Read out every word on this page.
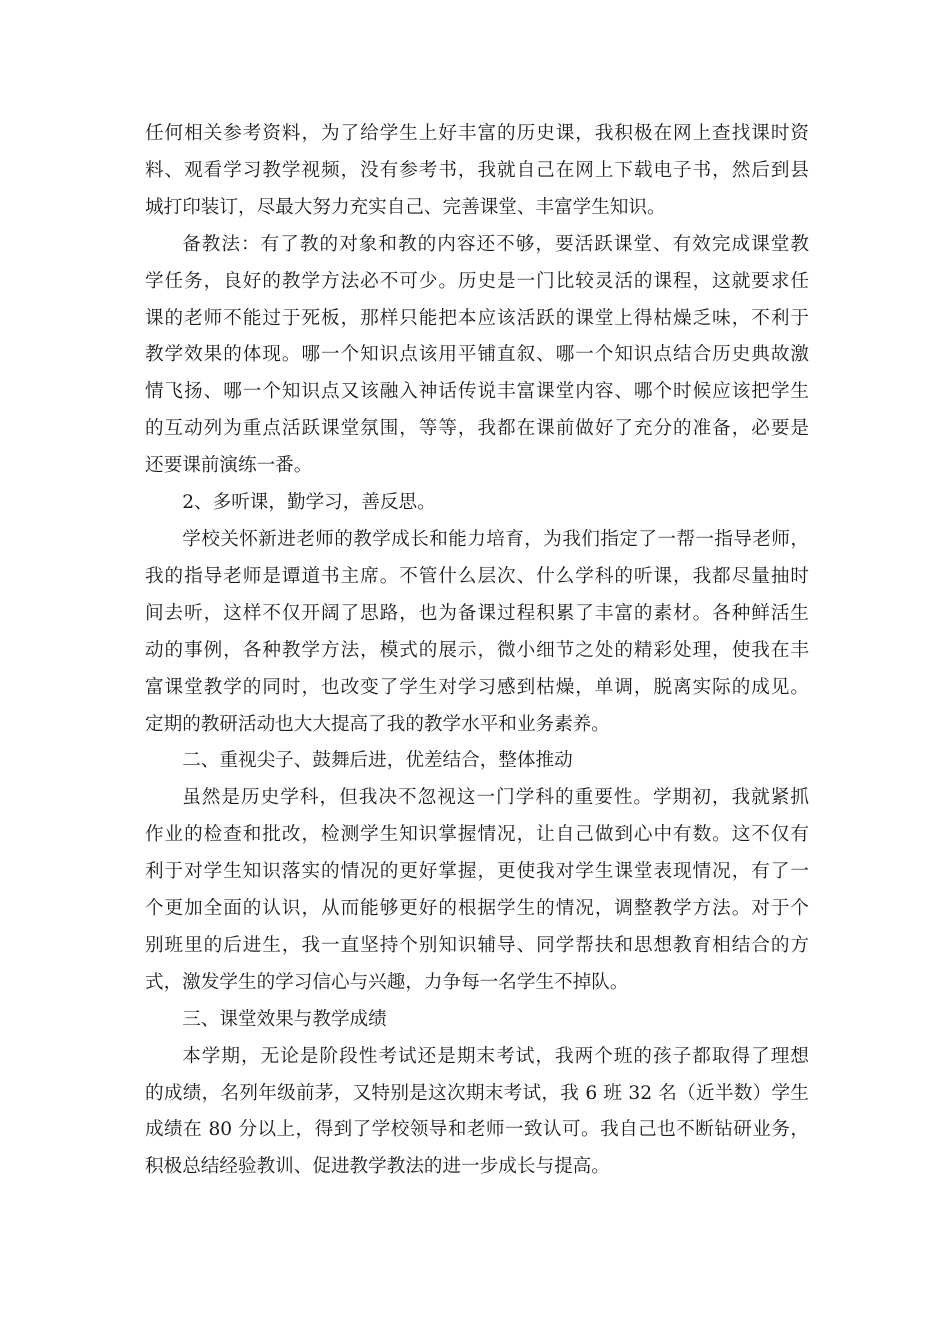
任何相关参考资料，为了给学生上好丰富的历史课，我积极在网上查找课时资
料、观看学习教学视频，没有参考书，我就自己在网上下载电子书，然后到县
城打印装订，尽最大努力充实自己、完善课堂、丰富学生知识。

备教法：有了教的对象和教的内容还不够，要活跃课堂、有效完成课堂教
学任务，良好的教学方法必不可少。历史是一门比较灵活的课程，这就要求任
课的老师不能过于死板，那样只能把本应该活跃的课堂上得枯燥乏味，不利于
教学效果的体现。哪一个知识点该用平铺直叙、哪一个知识点结合历史典故激
情飞扬、哪一个知识点又该融入神话传说丰富课堂内容、哪个时候应该把学生
的互动列为重点活跃课堂氛围，等等，我都在课前做好了充分的准备，必要是
还要课前演练一番。

2、多听课，勤学习，善反思。

学校关怀新进老师的教学成长和能力培育，为我们指定了一帮一指导老师，
我的指导老师是谭道书主席。不管什么层次、什么学科的听课，我都尽量抽时
间去听，这样不仅开阔了思路，也为备课过程积累了丰富的素材。各种鲜活生
动的事例，各种教学方法，模式的展示，微小细节之处的精彩处理，使我在丰
富课堂教学的同时，也改变了学生对学习感到枯燥，单调，脱离实际的成见。
定期的教研活动也大大提高了我的教学水平和业务素养。

二、重视尖子、鼓舞后进，优差结合，整体推动

虽然是历史学科，但我决不忽视这一门学科的重要性。学期初，我就紧抓
作业的检查和批改，检测学生知识掌握情况，让自己做到心中有数。这不仅有
利于对学生知识落实的情况的更好掌握，更使我对学生课堂表现情况，有了一
个更加全面的认识，从而能够更好的根据学生的情况，调整教学方法。对于个
别班里的后进生，我一直坚持个别知识辅导、同学帮扶和思想教育相结合的方
式，激发学生的学习信心与兴趣，力争每一名学生不掉队。

三、课堂效果与教学成绩

本学期，无论是阶段性考试还是期末考试，我两个班的孩子都取得了理想
的成绩，名列年级前茅，又特别是这次期末考试，我 6 班 32 名（近半数）学生
成绩在 80 分以上，得到了学校领导和老师一致认可。我自己也不断钻研业务，
积极总结经验教训、促进教学教法的进一步成长与提高。
